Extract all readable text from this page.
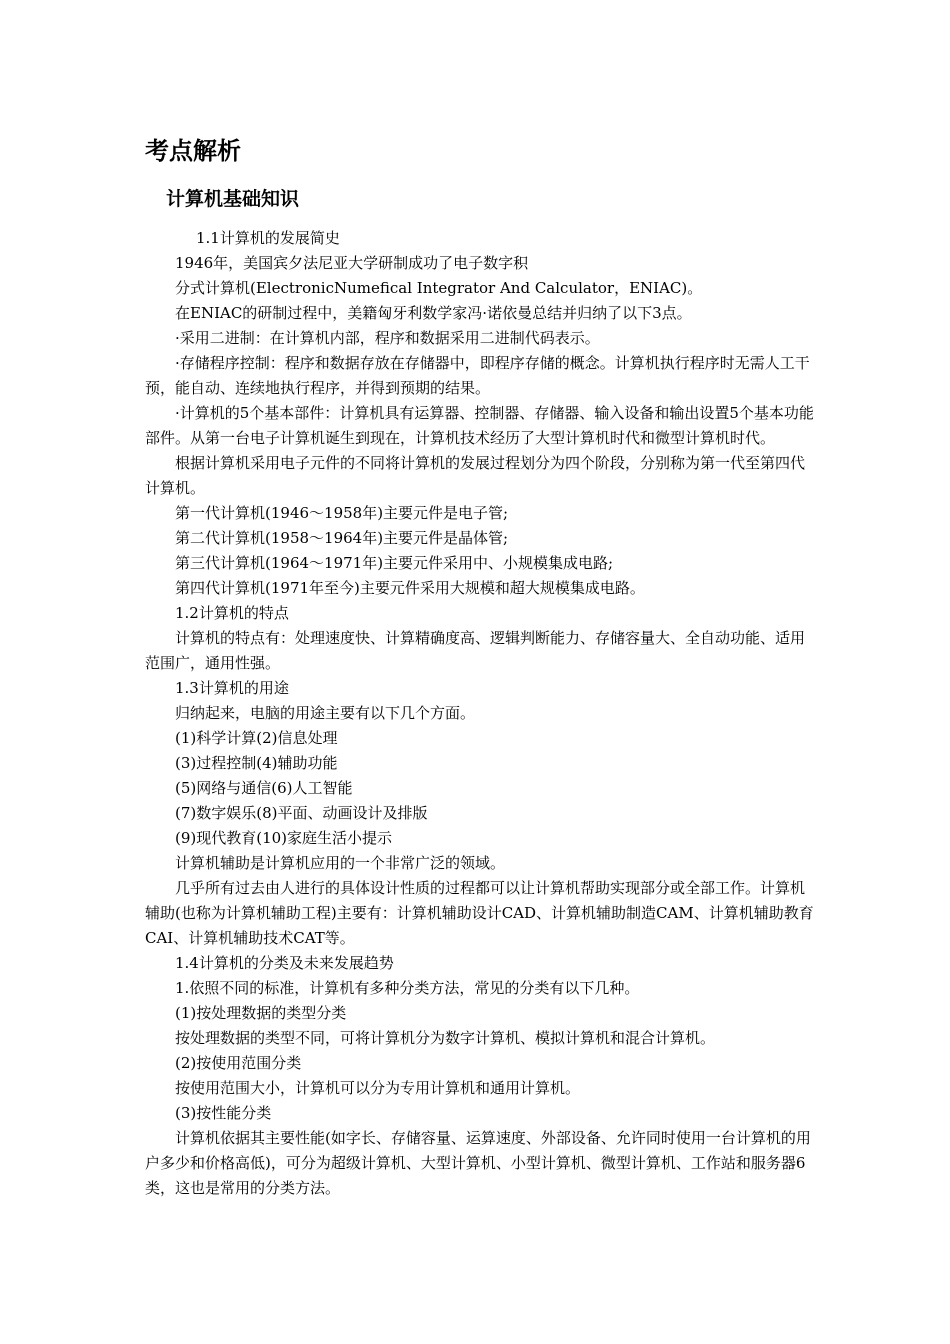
考点解析
计算机基础知识

1.1计算机的发展简史

1946年，美国宾夕法尼亚大学研制成功了电子数字积

分式计算机(ElectronicNumefical Integrator And Calculator，ENIAC)。

在ENIAC的研制过程中，美籍匈牙利数学家冯·诺依曼总结并归纳了以下3点。

·采用二进制：在计算机内部，程序和数据采用二进制代码表示。

·存储程序控制：程序和数据存放在存储器中，即程序存储的概念。计算机执行程序时无需人工干预，能自动、连续地执行程序，并得到预期的结果。

·计算机的5个基本部件：计算机具有运算器、控制器、存储器、输入设备和输出设置5个基本功能部件。从第一台电子计算机诞生到现在，计算机技术经历了大型计算机时代和微型计算机时代。

根据计算机采用电子元件的不同将计算机的发展过程划分为四个阶段，分别称为第一代至第四代计算机。

第一代计算机(1946～1958年)主要元件是电子管;

第二代计算机(1958～1964年)主要元件是晶体管;

第三代计算机(1964～1971年)主要元件采用中、小规模集成电路;

第四代计算机(1971年至今)主要元件采用大规模和超大规模集成电路。

1.2计算机的特点

计算机的特点有：处理速度快、计算精确度高、逻辑判断能力、存储容量大、全自动功能、适用范围广，通用性强。

1.3计算机的用途

归纳起来，电脑的用途主要有以下几个方面。

(1)科学计算(2)信息处理

(3)过程控制(4)辅助功能

(5)网络与通信(6)人工智能

(7)数字娱乐(8)平面、动画设计及排版

(9)现代教育(10)家庭生活小提示

计算机辅助是计算机应用的一个非常广泛的领域。

几乎所有过去由人进行的具体设计性质的过程都可以让计算机帮助实现部分或全部工作。计算机辅助(也称为计算机辅助工程)主要有：计算机辅助设计CAD、计算机辅助制造CAM、计算机辅助教育CAI、计算机辅助技术CAT等。

1.4计算机的分类及未来发展趋势

1.依照不同的标准，计算机有多种分类方法，常见的分类有以下几种。

(1)按处理数据的类型分类

按处理数据的类型不同，可将计算机分为数字计算机、模拟计算机和混合计算机。

(2)按使用范围分类

按使用范围大小，计算机可以分为专用计算机和通用计算机。

(3)按性能分类

计算机依据其主要性能(如字长、存储容量、运算速度、外部设备、允许同时使用一台计算机的用户多少和价格高低)，可分为超级计算机、大型计算机、小型计算机、微型计算机、工作站和服务器6类，这也是常用的分类方法。
